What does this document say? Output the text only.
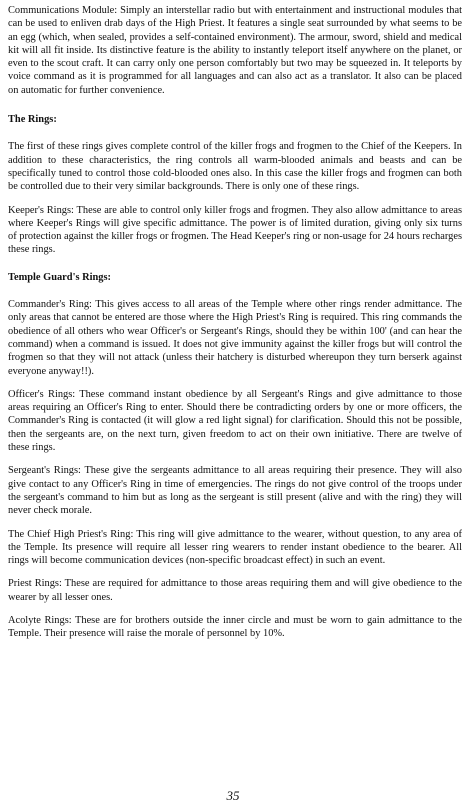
Communications Module: Simply an interstellar radio but with entertainment and instructional modules that can be used to enliven drab days of the High Priest. It features a single seat surrounded by what seems to be an egg (which, when sealed, provides a self-contained environment). The armour, sword, shield and medical kit will all fit inside. Its distinctive feature is the ability to instantly teleport itself anywhere on the planet, or even to the scout craft. It can carry only one person comfortably but two may be squeezed in. It teleports by voice command as it is programmed for all languages and can also act as a translator. It also can be placed on automatic for further convenience.

The Rings:

The first of these rings gives complete control of the killer frogs and frogmen to the Chief of the Keepers. In addition to these characteristics, the ring controls all warm-blooded animals and beasts and can be specifically tuned to control those cold-blooded ones also. In this case the killer frogs and frogmen can both be controlled due to their very similar backgrounds. There is only one of these rings.

Keeper's Rings: These are able to control only killer frogs and frogmen. They also allow admittance to areas where Keeper's Rings will give specific admittance. The power is of limited duration, giving only six turns of protection against the killer frogs or frogmen. The Head Keeper's ring or non-usage for 24 hours recharges these rings.

Temple Guard's Rings:

Commander's Ring: This gives access to all areas of the Temple where other rings render admittance. The only areas that cannot be entered are those where the High Priest's Ring is required. This ring commands the obedience of all others who wear Officer's or Sergeant's Rings, should they be within 100' (and can hear the command) when a command is issued. It does not give immunity against the killer frogs but will control the frogmen so that they will not attack (unless their hatchery is disturbed whereupon they turn berserk against everyone anyway!!).

Officer's Rings: These command instant obedience by all Sergeant's Rings and give admittance to those areas requiring an Officer's Ring to enter. Should there be contradicting orders by one or more officers, the Commander's Ring is contacted (it will glow a red light signal) for clarification. Should this not be possible, then the sergeants are, on the next turn, given freedom to act on their own initiative. There are twelve of these rings.

Sergeant's Rings: These give the sergeants admittance to all areas requiring their presence. They will also give contact to any Officer's Ring in time of emergencies. The rings do not give control of the troops under the sergeant's command to him but as long as the sergeant is still present (alive and with the ring) they will never check morale.

The Chief High Priest's Ring: This ring will give admittance to the wearer, without question, to any area of the Temple. Its presence will require all lesser ring wearers to render instant obedience to the bearer. All rings will become communication devices (non-specific broadcast effect) in such an event.

Priest Rings: These are required for admittance to those areas requiring them and will give obedience to the wearer by all lesser ones.

Acolyte Rings: These are for brothers outside the inner circle and must be worn to gain admittance to the Temple. Their presence will raise the morale of personnel by 10%.

35
